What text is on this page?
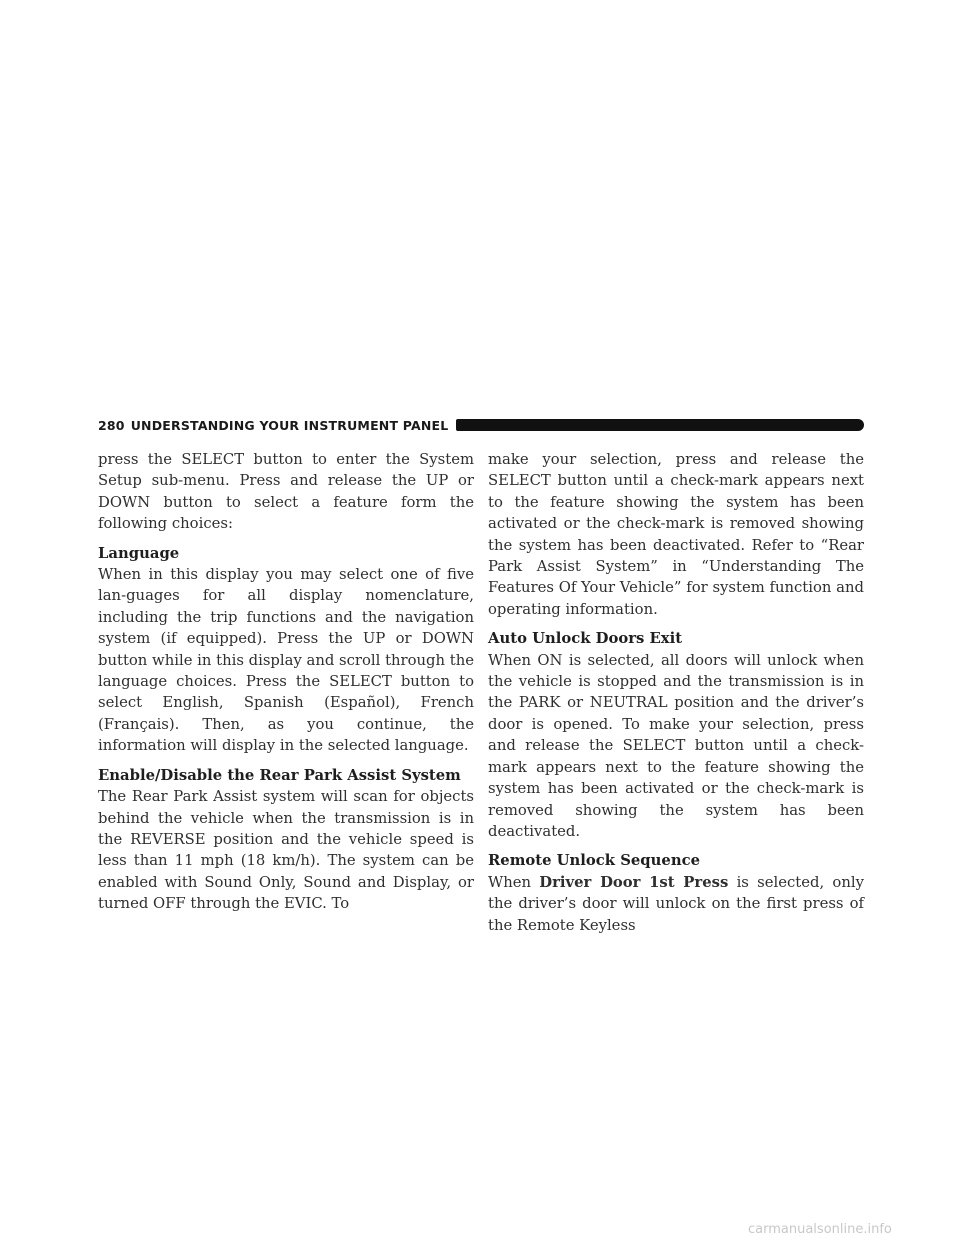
280 UNDERSTANDING YOUR INSTRUMENT PANEL

press the SELECT button to enter the System Setup sub-menu. Press and release the UP or DOWN button to select a feature form the following choices:

Language

When in this display you may select one of five lan-guages for all display nomenclature, including the trip functions and the navigation system (if equipped). Press the UP or DOWN button while in this display and scroll through the language choices. Press the SELECT button to select English, Spanish (Español), French (Français). Then, as you continue, the information will display in the selected language.

Enable/Disable the Rear Park Assist System

The Rear Park Assist system will scan for objects behind the vehicle when the transmission is in the REVERSE position and the vehicle speed is less than 11 mph (18 km/h). The system can be enabled with Sound Only, Sound and Display, or turned OFF through the EVIC. To

make your selection, press and release the SELECT button until a check-mark appears next to the feature showing the system has been activated or the check-mark is removed showing the system has been deactivated. Refer to “Rear Park Assist System” in “Understanding The Features Of Your Vehicle” for system function and operating information.

Auto Unlock Doors Exit

When ON is selected, all doors will unlock when the vehicle is stopped and the transmission is in the PARK or NEUTRAL position and the driver’s door is opened. To make your selection, press and release the SELECT button until a check-mark appears next to the feature showing the system has been activated or the check-mark is removed showing the system has been deactivated.

Remote Unlock Sequence

When Driver Door 1st Press is selected, only the driver’s door will unlock on the first press of the Remote Keyless

carmanualsonline.info
